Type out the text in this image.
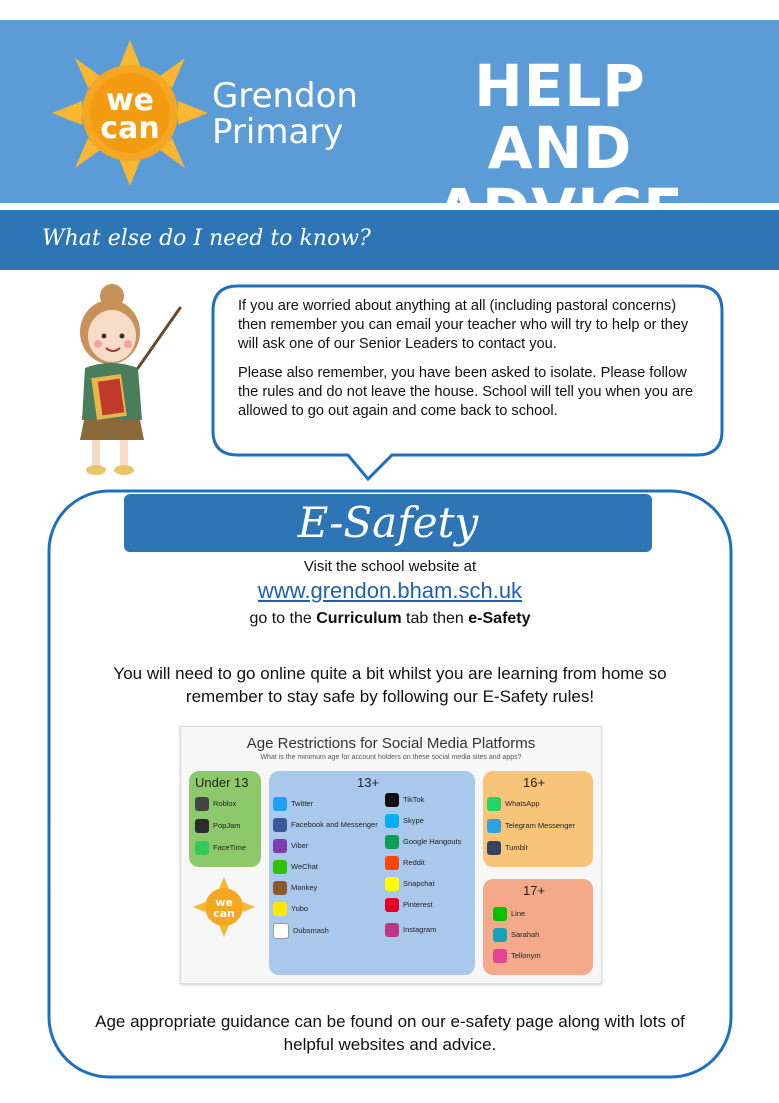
we
can
Grendon
Primary
HELP AND
What else do I need to know?

If you are worried about anything at all (including pastoral concerns) then remember you can email your teacher who will try to help or they will ask one of our Senior Leaders to contact you.

Please also remember, you have been asked to isolate. Please follow the rules and do not leave the house. School will tell you when you are allowed to go out again and come back to school.

E-Safety
Visit the school website at
www.grendon.bham.sch.uk
go to the Curriculum tab then e-Safety
You will need to go online quite a bit whilst you are learning from home so remember to stay safe by following our E-Safety rules!
Age Restrictions for Social Media Platforms
What is the minimum age for account holders on these social media sites and apps?
Under 13
Roblox
PopJam
FaceTime
we
can
13+
Twitter
Facebook and Messenger
Viber
WeChat
Monkey
Yubo
Dubsmash
TikTok
Skype
Google Hangouts
Reddit
Snapchat
Pinterest
Instagram
16+
WhatsApp
Telegram Messenger
Tumblr
17+
Line
Sarahah
Tellonym
Age appropriate guidance can be found on our e-safety page along with lots of helpful websites and advice.
